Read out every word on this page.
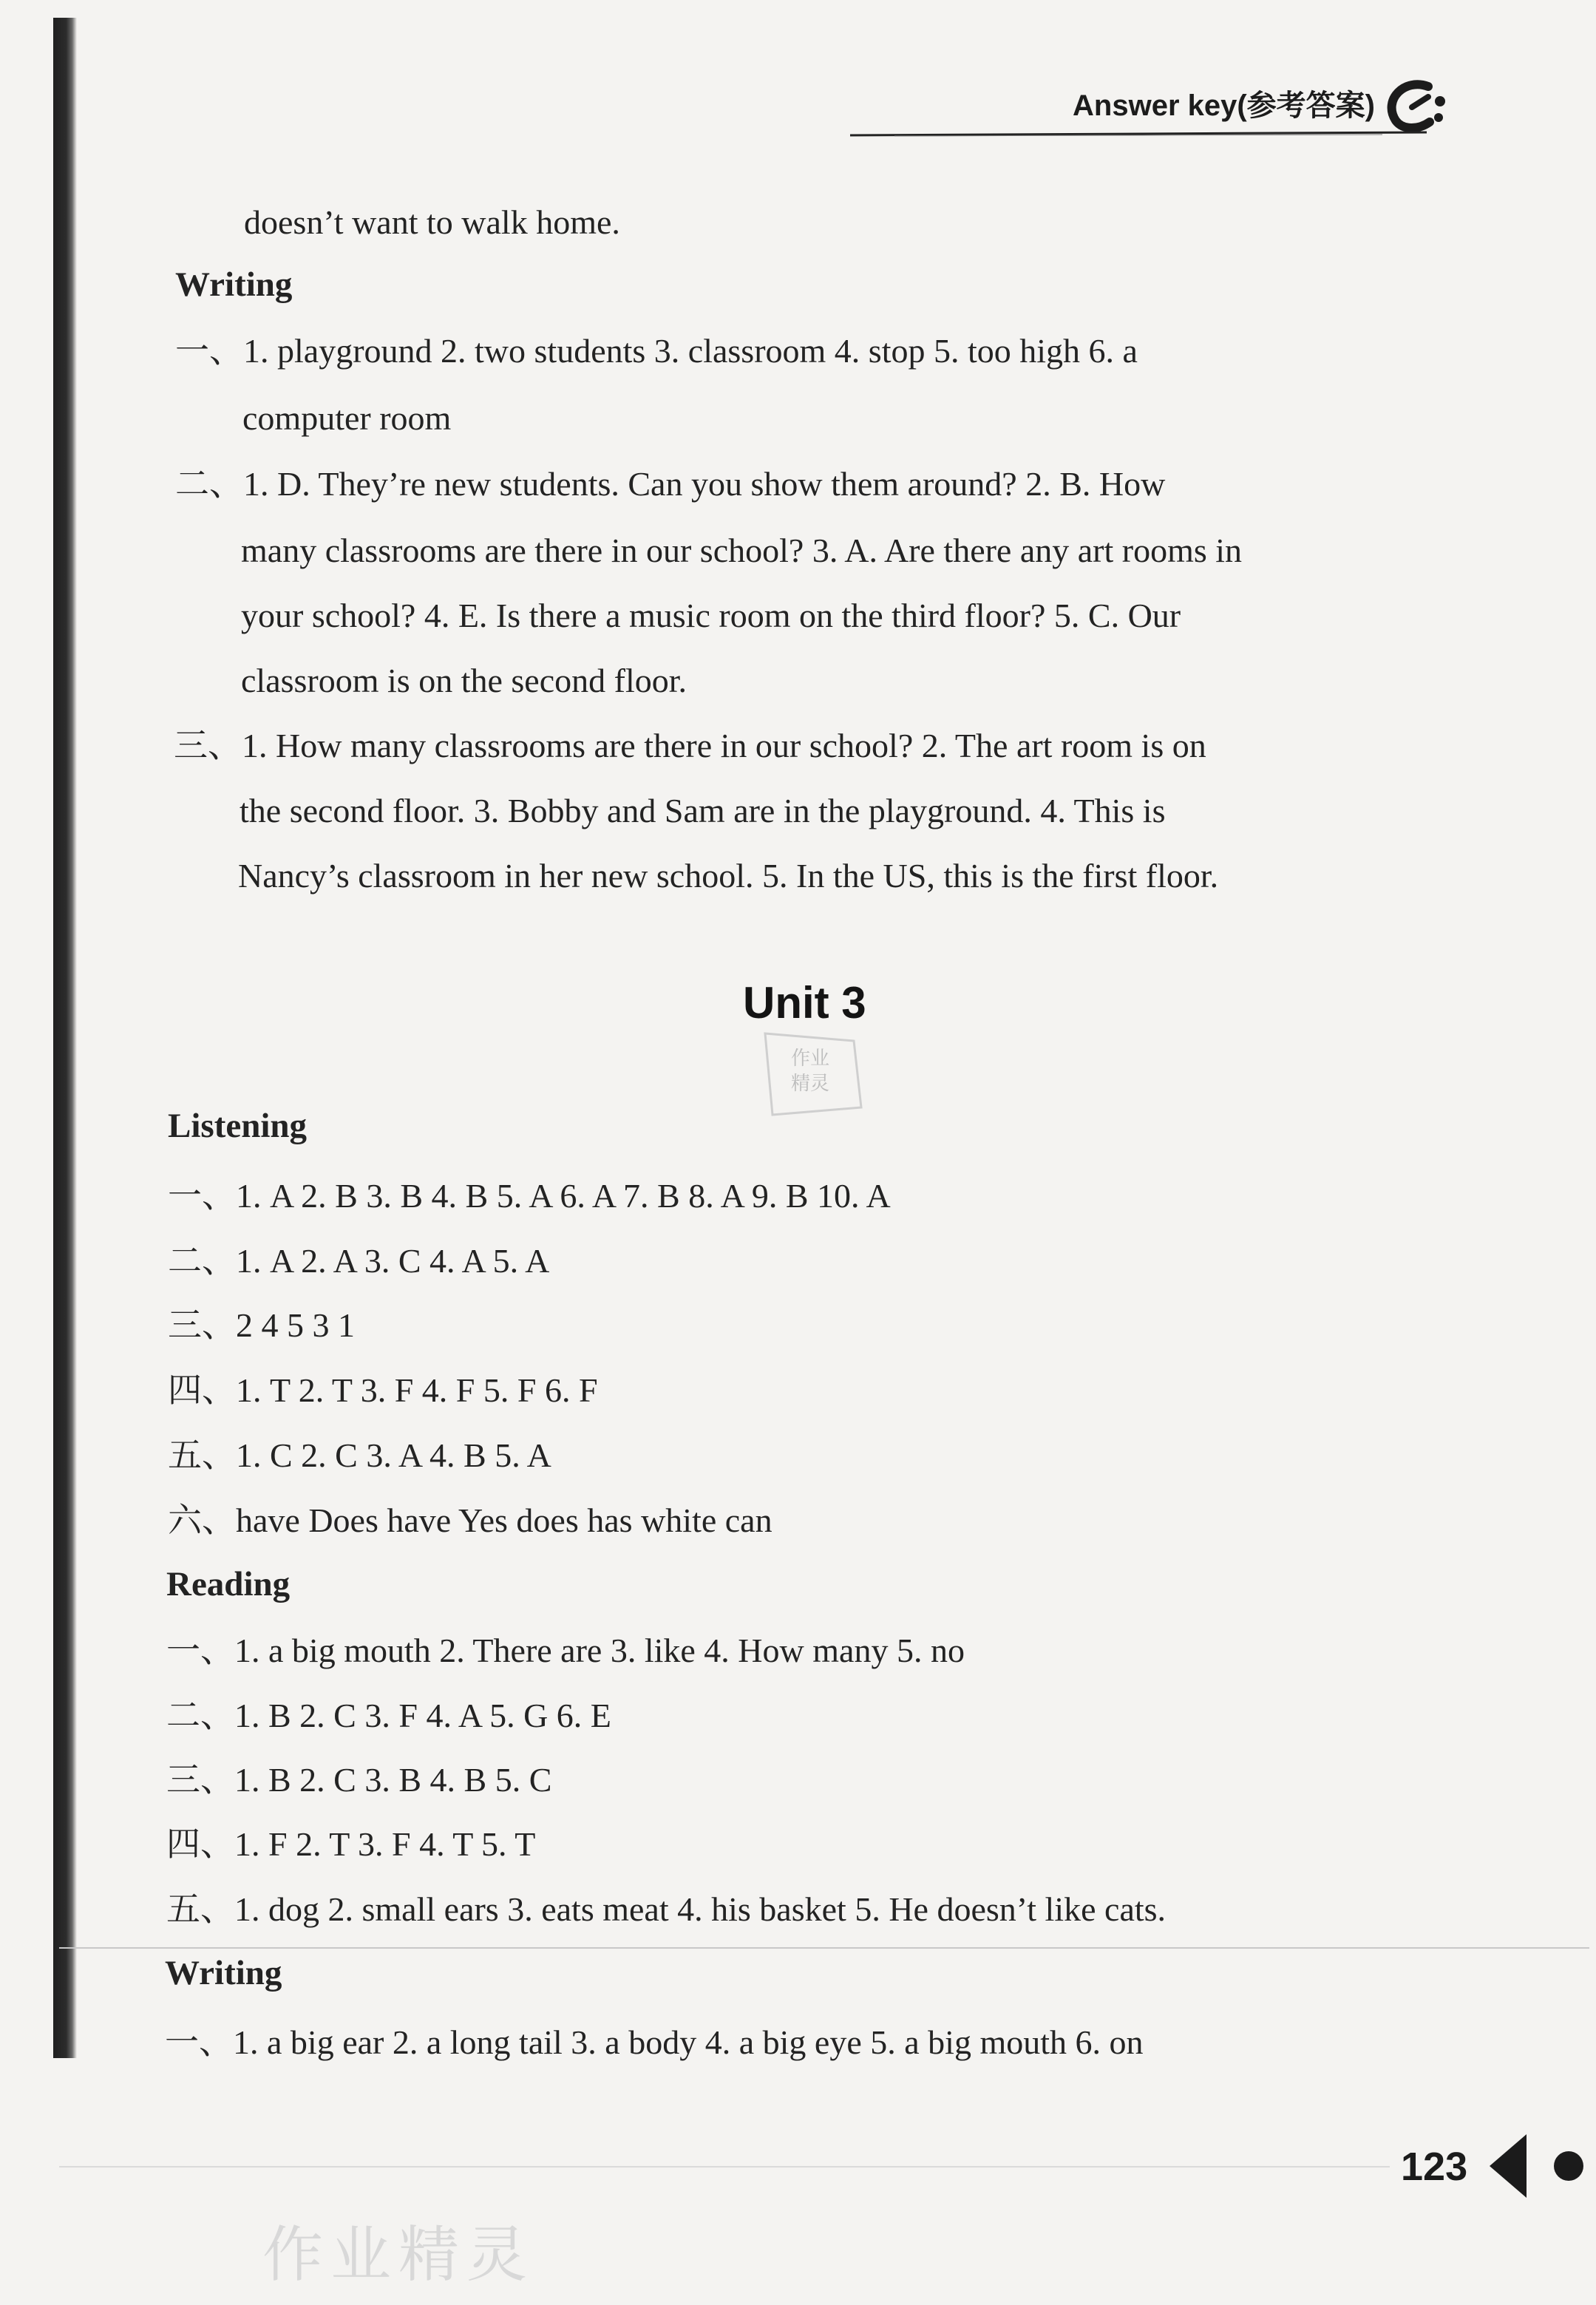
Answer key(参考答案)
doesn’t want to walk home.
Writing
一、1. playground 2. two students 3. classroom 4. stop 5. too high 6. a
computer room
二、1. D. They’re new students. Can you show them around? 2. B. How
many classrooms are there in our school? 3. A. Are there any art rooms in
your school? 4. E. Is there a music room on the third floor? 5. C. Our
classroom is on the second floor.
三、1. How many classrooms are there in our school? 2. The art room is on
the second floor. 3. Bobby and Sam are in the playground. 4. This is
Nancy’s classroom in her new school. 5. In the US, this is the first floor.
Unit 3
作业
精灵
Listening
一、1. A 2. B 3. B 4. B 5. A 6. A 7. B 8. A 9. B 10. A
二、1. A 2. A 3. C 4. A 5. A
三、2 4 5 3 1
四、1. T 2. T 3. F 4. F 5. F 6. F
五、1. C 2. C 3. A 4. B 5. A
六、have Does have Yes does has white can
Reading
一、1. a big mouth 2. There are 3. like 4. How many 5. no
二、1. B 2. C 3. F 4. A 5. G 6. E
三、1. B 2. C 3. B 4. B 5. C
四、1. F 2. T 3. F 4. T 5. T
五、1. dog 2. small ears 3. eats meat 4. his basket 5. He doesn’t like cats.
Writing
一、1. a big ear 2. a long tail 3. a body 4. a big eye 5. a big mouth 6. on
123
作业精灵
